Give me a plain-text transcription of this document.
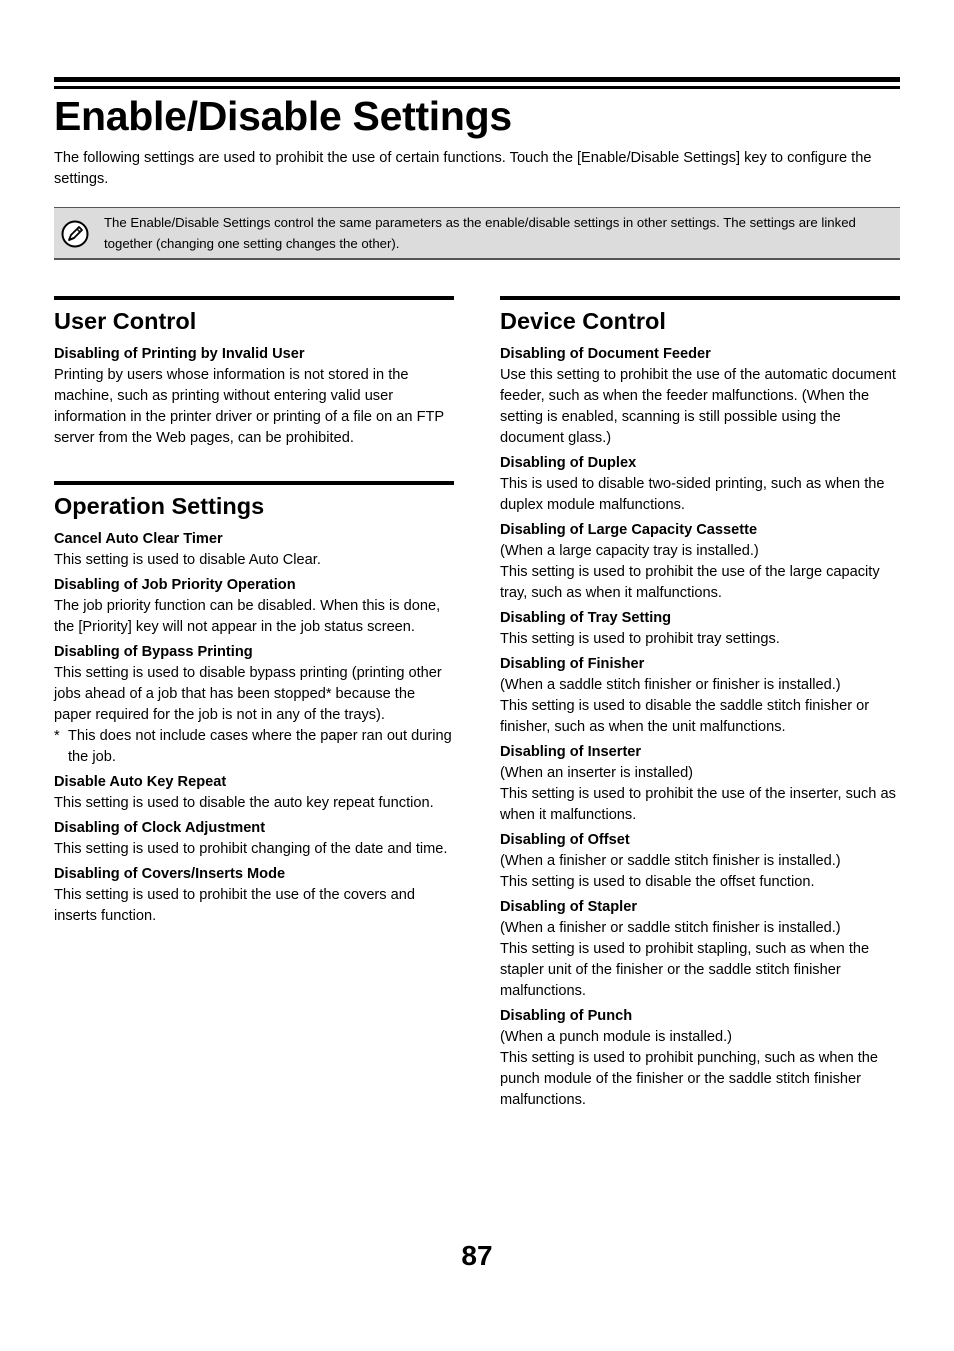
Enable/Disable Settings

The following settings are used to prohibit the use of certain functions. Touch the [Enable/Disable Settings] key to configure the settings.

The Enable/Disable Settings control the same parameters as the enable/disable settings in other settings. The settings are linked together (changing one setting changes the other).

User Control

Disabling of Printing by Invalid User

Printing by users whose information is not stored in the machine, such as printing without entering valid user information in the printer driver or printing of a file on an FTP server from the Web pages, can be prohibited.

Operation Settings

Cancel Auto Clear Timer

This setting is used to disable Auto Clear.

Disabling of Job Priority Operation

The job priority function can be disabled. When this is done, the [Priority] key will not appear in the job status screen.

Disabling of Bypass Printing

This setting is used to disable bypass printing (printing other jobs ahead of a job that has been stopped* because the paper required for the job is not in any of the trays).

* This does not include cases where the paper ran out during the job.

Disable Auto Key Repeat

This setting is used to disable the auto key repeat function.

Disabling of Clock Adjustment

This setting is used to prohibit changing of the date and time.

Disabling of Covers/Inserts Mode

This setting is used to prohibit the use of the covers and inserts function.

Device Control

Disabling of Document Feeder

Use this setting to prohibit the use of the automatic document feeder, such as when the feeder malfunctions. (When the setting is enabled, scanning is still possible using the document glass.)

Disabling of Duplex

This is used to disable two-sided printing, such as when the duplex module malfunctions.

Disabling of Large Capacity Cassette

(When a large capacity tray is installed.)

This setting is used to prohibit the use of the large capacity tray, such as when it malfunctions.

Disabling of Tray Setting

This setting is used to prohibit tray settings.

Disabling of Finisher

(When a saddle stitch finisher or finisher is installed.)

This setting is used to disable the saddle stitch finisher or finisher, such as when the unit malfunctions.

Disabling of Inserter

(When an inserter is installed)

This setting is used to prohibit the use of the inserter, such as when it malfunctions.

Disabling of Offset

(When a finisher or saddle stitch finisher is installed.)

This setting is used to disable the offset function.

Disabling of Stapler

(When a finisher or saddle stitch finisher is installed.)

This setting is used to prohibit stapling, such as when the stapler unit of the finisher or the saddle stitch finisher malfunctions.

Disabling of Punch

(When a punch module is installed.)

This setting is used to prohibit punching, such as when the punch module of the finisher or the saddle stitch finisher malfunctions.

87
